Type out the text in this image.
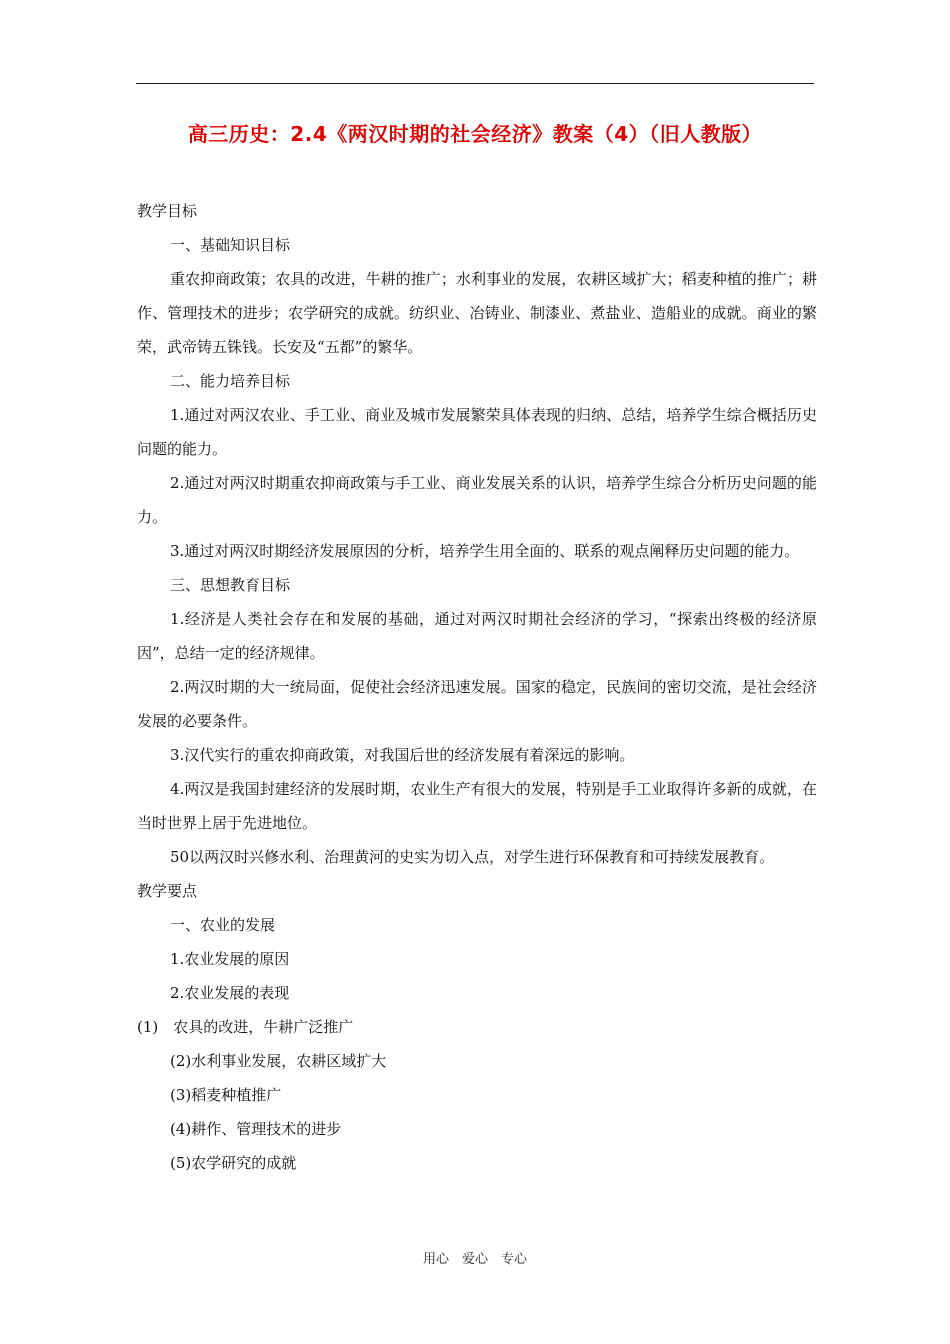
高三历史：2.4《两汉时期的社会经济》教案（4）（旧人教版）

教学目标

一、基础知识目标

重农抑商政策；农具的改进，牛耕的推广；水利事业的发展，农耕区域扩大；稻麦种植的推广；耕作、管理技术的进步；农学研究的成就。纺织业、冶铸业、制漆业、煮盐业、造船业的成就。商业的繁荣，武帝铸五铢钱。长安及“五都”的繁华。

二、能力培养目标

1.通过对两汉农业、手工业、商业及城市发展繁荣具体表现的归纳、总结，培养学生综合概括历史问题的能力。

2.通过对两汉时期重农抑商政策与手工业、商业发展关系的认识，培养学生综合分析历史问题的能力。

3.通过对两汉时期经济发展原因的分析，培养学生用全面的、联系的观点阐释历史问题的能力。

三、思想教育目标

1.经济是人类社会存在和发展的基础，通过对两汉时期社会经济的学习，“探索出终极的经济原因”，总结一定的经济规律。

2.两汉时期的大一统局面，促使社会经济迅速发展。国家的稳定，民族间的密切交流，是社会经济发展的必要条件。

3.汉代实行的重农抑商政策，对我国后世的经济发展有着深远的影响。

4.两汉是我国封建经济的发展时期，农业生产有很大的发展，特别是手工业取得许多新的成就，在当时世界上居于先进地位。

50以两汉时兴修水利、治理黄河的史实为切入点，对学生进行环保教育和可持续发展教育。

教学要点

一、农业的发展

1.农业发展的原因

2.农业发展的表现

(1)　农具的改进，牛耕广泛推广

(2)水利事业发展，农耕区域扩大

(3)稻麦种植推广

(4)耕作、管理技术的进步

(5)农学研究的成就

用心　爱心　专心
